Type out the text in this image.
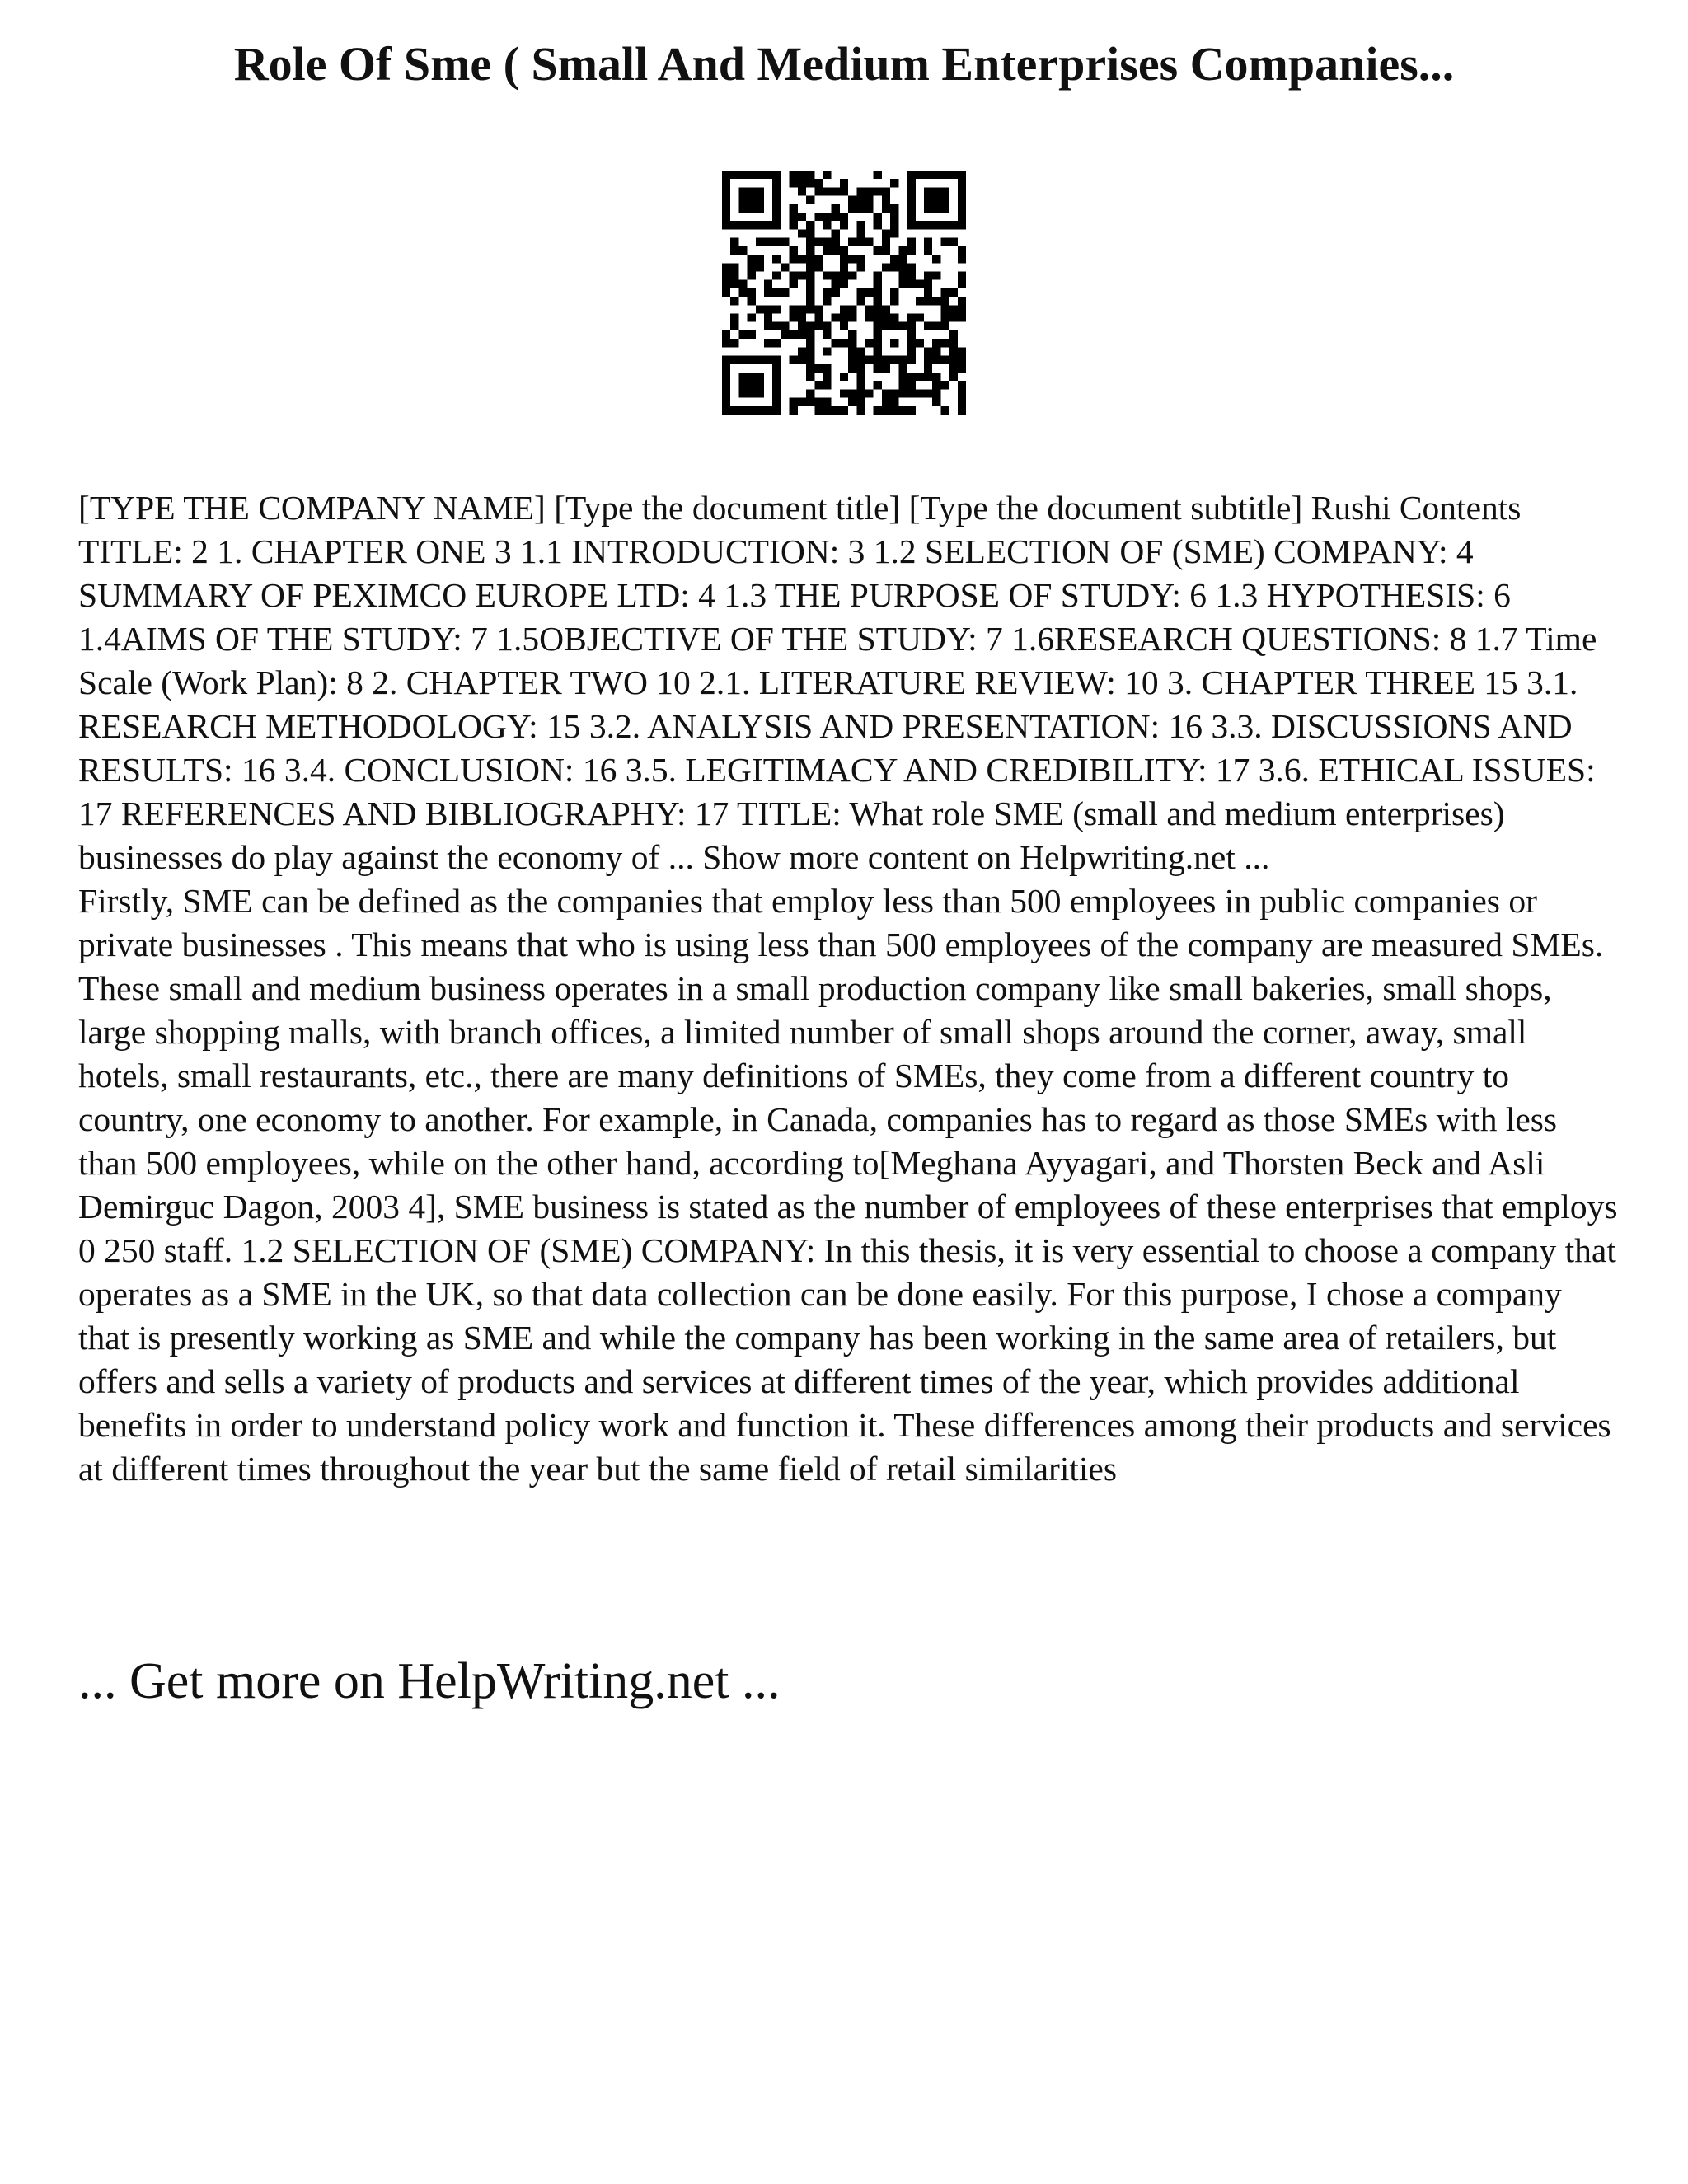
Role Of Sme ( Small And Medium Enterprises Companies...

[TYPE THE COMPANY NAME] [Type the document title] [Type the document subtitle] Rushi Contents TITLE: 2 1. CHAPTER ONE 3 1.1 INTRODUCTION: 3 1.2 SELECTION OF (SME) COMPANY: 4 SUMMARY OF PEXIMCO EUROPE LTD: 4 1.3 THE PURPOSE OF STUDY: 6 1.3 HYPOTHESIS: 6 1.4AIMS OF THE STUDY: 7 1.5OBJECTIVE OF THE STUDY: 7 1.6RESEARCH QUESTIONS: 8 1.7 Time Scale (Work Plan): 8 2. CHAPTER TWO 10 2.1. LITERATURE REVIEW: 10 3. CHAPTER THREE 15 3.1. RESEARCH METHODOLOGY: 15 3.2. ANALYSIS AND PRESENTATION: 16 3.3. DISCUSSIONS AND RESULTS: 16 3.4. CONCLUSION: 16 3.5. LEGITIMACY AND CREDIBILITY: 17 3.6. ETHICAL ISSUES: 17 REFERENCES AND BIBLIOGRAPHY: 17 TITLE: What role SME (small and medium enterprises) businesses do play against the economy of ... Show more content on Helpwriting.net ...

Firstly, SME can be defined as the companies that employ less than 500 employees in public companies or private businesses . This means that who is using less than 500 employees of the company are measured SMEs. These small and medium business operates in a small production company like small bakeries, small shops, large shopping malls, with branch offices, a limited number of small shops around the corner, away, small hotels, small restaurants, etc., there are many definitions of SMEs, they come from a different country to country, one economy to another. For example, in Canada, companies has to regard as those SMEs with less than 500 employees, while on the other hand, according to[Meghana Ayyagari, and Thorsten Beck and Asli Demirguc Dagon, 2003 4], SME business is stated as the number of employees of these enterprises that employs 0 250 staff. 1.2 SELECTION OF (SME) COMPANY: In this thesis, it is very essential to choose a company that operates as a SME in the UK, so that data collection can be done easily. For this purpose, I chose a company that is presently working as SME and while the company has been working in the same area of retailers, but offers and sells a variety of products and services at different times of the year, which provides additional benefits in order to understand policy work and function it. These differences among their products and services at different times throughout the year but the same field of retail similarities

... Get more on HelpWriting.net ...
